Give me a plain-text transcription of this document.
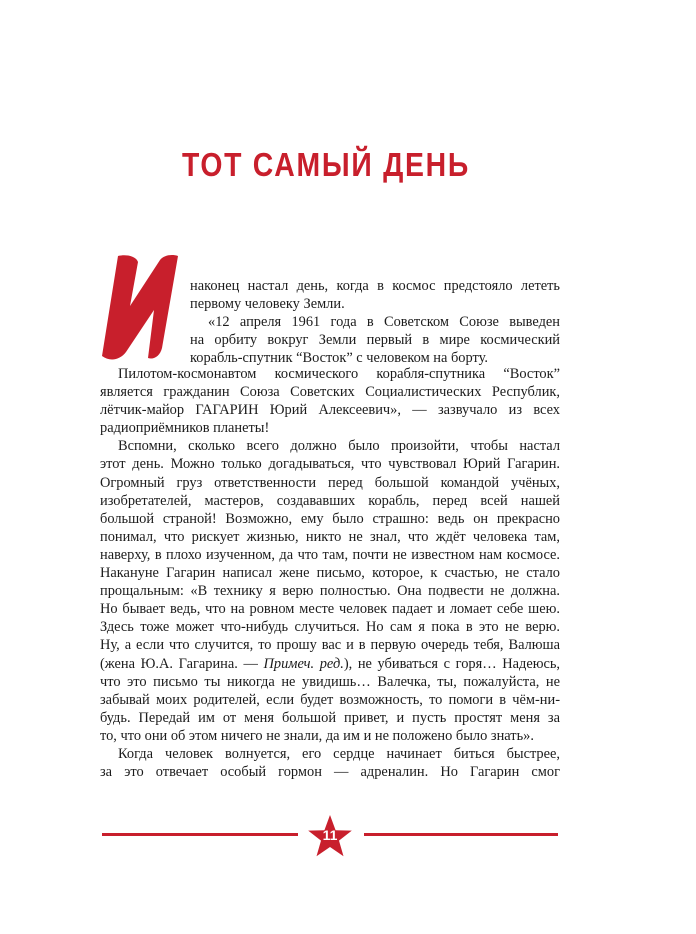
ТОТ САМЫЙ ДЕНЬ
наконец настал день, когда в космос предстояло лететь
первому человеку Земли.
«12 апреля 1961 года в Советском Союзе выведен
на орбиту вокруг Земли первый в мире космический
корабль-спутник “Восток” с человеком на борту.
Пилотом-космонавтом космического корабля-спутника “Восток”
является гражданин Союза Советских Социалистических Республик,
лётчик-майор ГАГАРИН Юрий Алексеевич», — зазвучало из всех
радиоприёмников планеты!
Вспомни, сколько всего должно было произойти, чтобы настал
этот день. Можно только догадываться, что чувствовал Юрий Гагарин.
Огромный груз ответственности перед большой командой учёных,
изобретателей, мастеров, создававших корабль, перед всей нашей
большой страной! Возможно, ему было страшно: ведь он прекрасно
понимал, что рискует жизнью, никто не знал, что ждёт человека там,
наверху, в плохо изученном, да что там, почти не известном нам космосе.
Накануне Гагарин написал жене письмо, которое, к счастью, не стало
прощальным: «В технику я верю полностью. Она подвести не должна.
Но бывает ведь, что на ровном месте человек падает и ломает себе шею.
Здесь тоже может что-нибудь случиться. Но сам я пока в это не верю.
Ну, а если что случится, то прошу вас и в первую очередь тебя, Валюша
(жена Ю.А. Гагарина. — Примеч. ред.), не убиваться с горя… Надеюсь,
что это письмо ты никогда не увидишь… Валечка, ты, пожалуйста, не
забывай моих родителей, если будет возможность, то помоги в чём-ни-
будь. Передай им от меня большой привет, и пусть простят меня за
то, что они об этом ничего не знали, да им и не положено было знать».
Когда человек волнуется, его сердце начинает биться быстрее,
за это отвечает особый гормон — адреналин. Но Гагарин смог
11
